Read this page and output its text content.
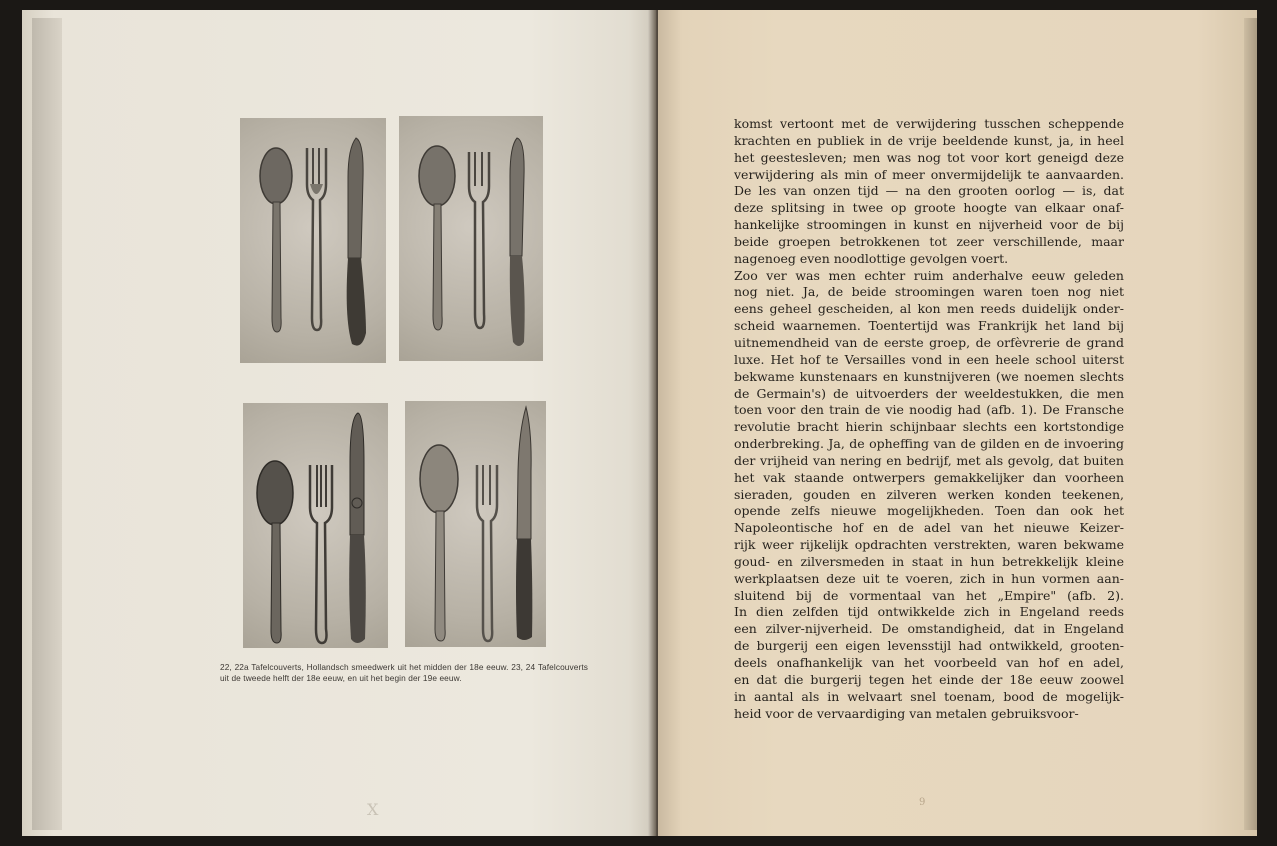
22, 22a Tafelcouverts, Hollandsch smeedwerk uit het midden der 18e eeuw. 23, 24 Tafelcouverts uit de tweede helft der 18e eeuw, en uit het begin der 19e eeuw.
X	9
komst vertoont met de verwijdering tusschen scheppende
krachten en publiek in de vrije beeldende kunst, ja, in heel
het geestesleven; men was nog tot voor kort geneigd deze
verwijdering als min of meer onvermijdelijk te aanvaarden.
De les van onzen tijd — na den grooten oorlog — is, dat
deze splitsing in twee op groote hoogte van elkaar onaf-
hankelijke stroomingen in kunst en nijverheid voor de bij
beide groepen betrokkenen tot zeer verschillende, maar
nagenoeg even noodlottige gevolgen voert.
Zoo ver was men echter ruim anderhalve eeuw geleden
nog niet. Ja, de beide stroomingen waren toen nog niet
eens geheel gescheiden, al kon men reeds duidelijk onder-
scheid waarnemen. Toentertijd was Frankrijk het land bij
uitnemendheid van de eerste groep, de orfèvrerie de grand
luxe. Het hof te Versailles vond in een heele school uiterst
bekwame kunstenaars en kunstnijveren (we noemen slechts
de Germain's) de uitvoerders der weeldestukken, die men
toen voor den train de vie noodig had (afb. 1). De Fransche
revolutie bracht hierin schijnbaar slechts een kortstondige
onderbreking. Ja, de opheffing van de gilden en de invoering
der vrijheid van nering en bedrijf, met als gevolg, dat buiten
het vak staande ontwerpers gemakkelijker dan voorheen
sieraden, gouden en zilveren werken konden teekenen,
opende zelfs nieuwe mogelijkheden. Toen dan ook het
Napoleontische hof en de adel van het nieuwe Keizer-
rijk weer rijkelijk opdrachten verstrekten, waren bekwame
goud- en zilversmeden in staat in hun betrekkelijk kleine
werkplaatsen deze uit te voeren, zich in hun vormen aan-
sluitend bij de vormentaal van het „Empire" (afb. 2).
In dien zelfden tijd ontwikkelde zich in Engeland reeds
een zilver-nijverheid. De omstandigheid, dat in Engeland
de burgerij een eigen levensstijl had ontwikkeld, grooten-
deels onafhankelijk van het voorbeeld van hof en adel,
en dat die burgerij tegen het einde der 18e eeuw zoowel
in aantal als in welvaart snel toenam, bood de mogelijk-
heid voor de vervaardiging van metalen gebruiksvoor-
